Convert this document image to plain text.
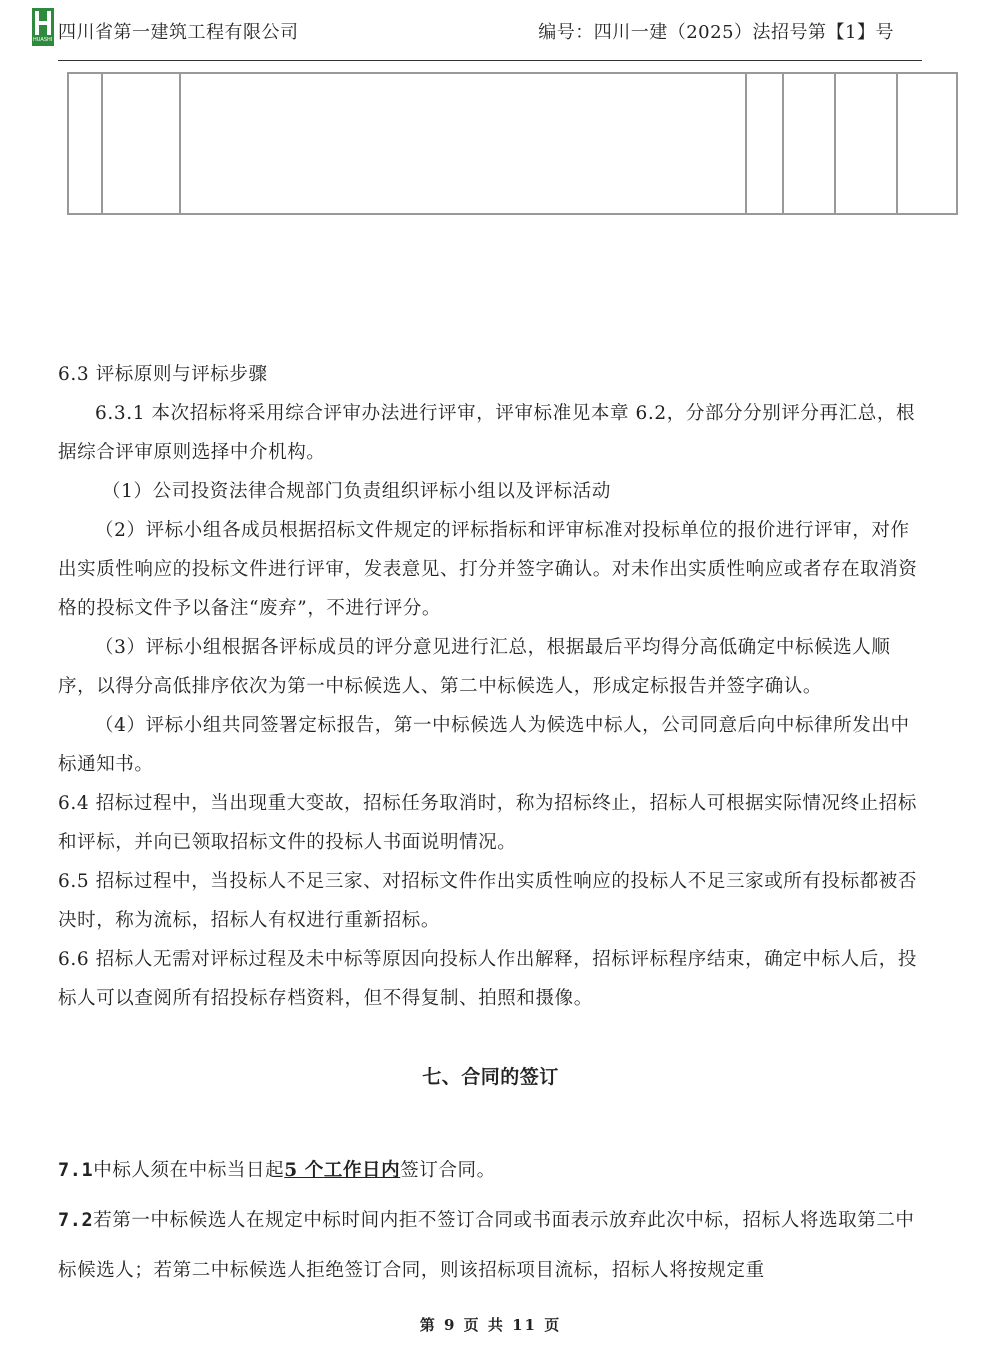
HUASHI 四川省第一建筑工程有限公司	编号：四川一建（2025）法招号第【1】号

6.3 评标原则与评标步骤

6.3.1 本次招标将采用综合评审办法进行评审，评审标准见本章 6.2，分部分分别评分再汇总，根据综合评审原则选择中介机构。

（1）公司投资法律合规部门负责组织评标小组以及评标活动

（2）评标小组各成员根据招标文件规定的评标指标和评审标准对投标单位的报价进行评审，对作出实质性响应的投标文件进行评审，发表意见、打分并签字确认。对未作出实质性响应或者存在取消资格的投标文件予以备注“废弃”，不进行评分。

（3）评标小组根据各评标成员的评分意见进行汇总，根据最后平均得分高低确定中标候选人顺序，以得分高低排序依次为第一中标候选人、第二中标候选人，形成定标报告并签字确认。

（4）评标小组共同签署定标报告，第一中标候选人为候选中标人，公司同意后向中标律所发出中标通知书。

6.4 招标过程中，当出现重大变故，招标任务取消时，称为招标终止，招标人可根据实际情况终止招标和评标，并向已领取招标文件的投标人书面说明情况。

6.5 招标过程中，当投标人不足三家、对招标文件作出实质性响应的投标人不足三家或所有投标都被否决时，称为流标，招标人有权进行重新招标。

6.6 招标人无需对评标过程及未中标等原因向投标人作出解释，招标评标程序结束，确定中标人后，投标人可以查阅所有招投标存档资料，但不得复制、拍照和摄像。

七、合同的签订

7.1中标人须在中标当日起5 个工作日内签订合同。

7.2若第一中标候选人在规定中标时间内拒不签订合同或书面表示放弃此次中标，招标人将选取第二中标候选人；若第二中标候选人拒绝签订合同，则该招标项目流标，招标人将按规定重

第 9 页 共 11 页
